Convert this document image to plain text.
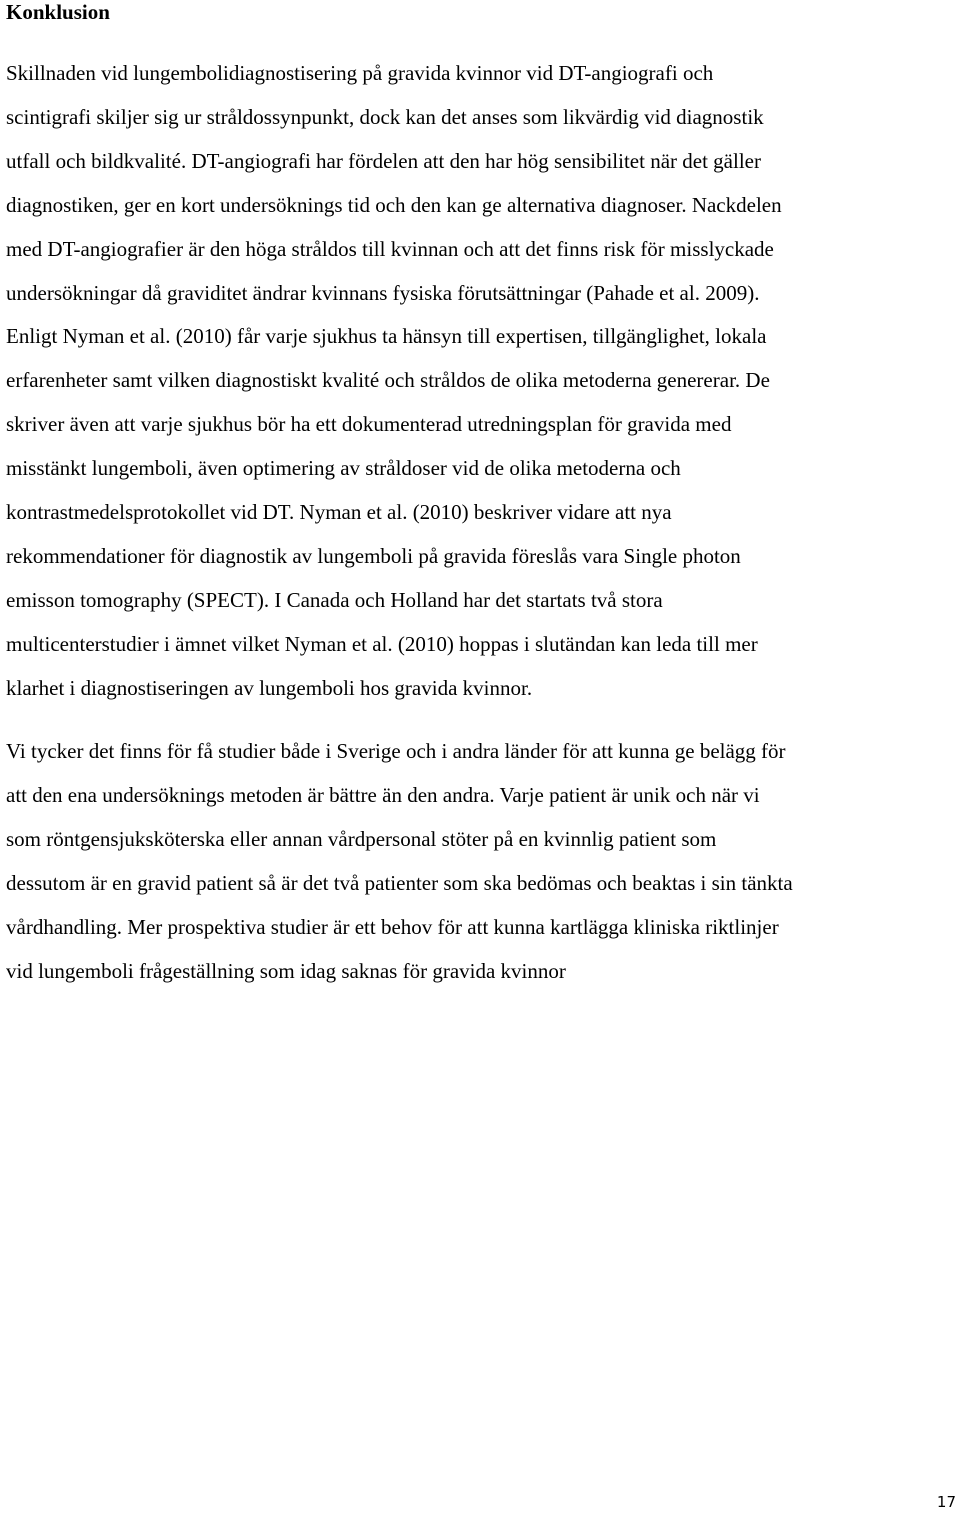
Konklusion

Skillnaden vid lungembolidiagnostisering på gravida kvinnor vid DT-angiografi och
scintigrafi skiljer sig ur stråldossynpunkt, dock kan det anses som likvärdig vid diagnostik
utfall och bildkvalité. DT-angiografi har fördelen att den har hög sensibilitet när det gäller
diagnostiken, ger en kort undersöknings tid och den kan ge alternativa diagnoser. Nackdelen
med DT-angiografier är den höga stråldos till kvinnan och att det finns risk för misslyckade
undersökningar då graviditet ändrar kvinnans fysiska förutsättningar (Pahade et al. 2009).
Enligt Nyman et al. (2010) får varje sjukhus ta hänsyn till expertisen, tillgänglighet, lokala
erfarenheter samt vilken diagnostiskt kvalité och stråldos de olika metoderna genererar. De
skriver även att varje sjukhus bör ha ett dokumenterad utredningsplan för gravida med
misstänkt lungemboli, även optimering av stråldoser vid de olika metoderna och
kontrastmedelsprotokollet vid DT. Nyman et al. (2010) beskriver vidare att nya
rekommendationer för diagnostik av lungemboli på gravida föreslås vara Single photon
emisson tomography (SPECT). I Canada och Holland har det startats två stora
multicenterstudier i ämnet vilket Nyman et al. (2010) hoppas i slutändan kan leda till mer
klarhet i diagnostiseringen av lungemboli hos gravida kvinnor.

Vi tycker det finns för få studier både i Sverige och i andra länder för att kunna ge belägg för
att den ena undersöknings metoden är bättre än den andra. Varje patient är unik och när vi
som röntgensjuksköterska eller annan vårdpersonal stöter på en kvinnlig patient som
dessutom är en gravid patient så är det två patienter som ska bedömas och beaktas i sin tänkta
vårdhandling. Mer prospektiva studier är ett behov för att kunna kartlägga kliniska riktlinjer
vid lungemboli frågeställning som idag saknas för gravida kvinnor

17
